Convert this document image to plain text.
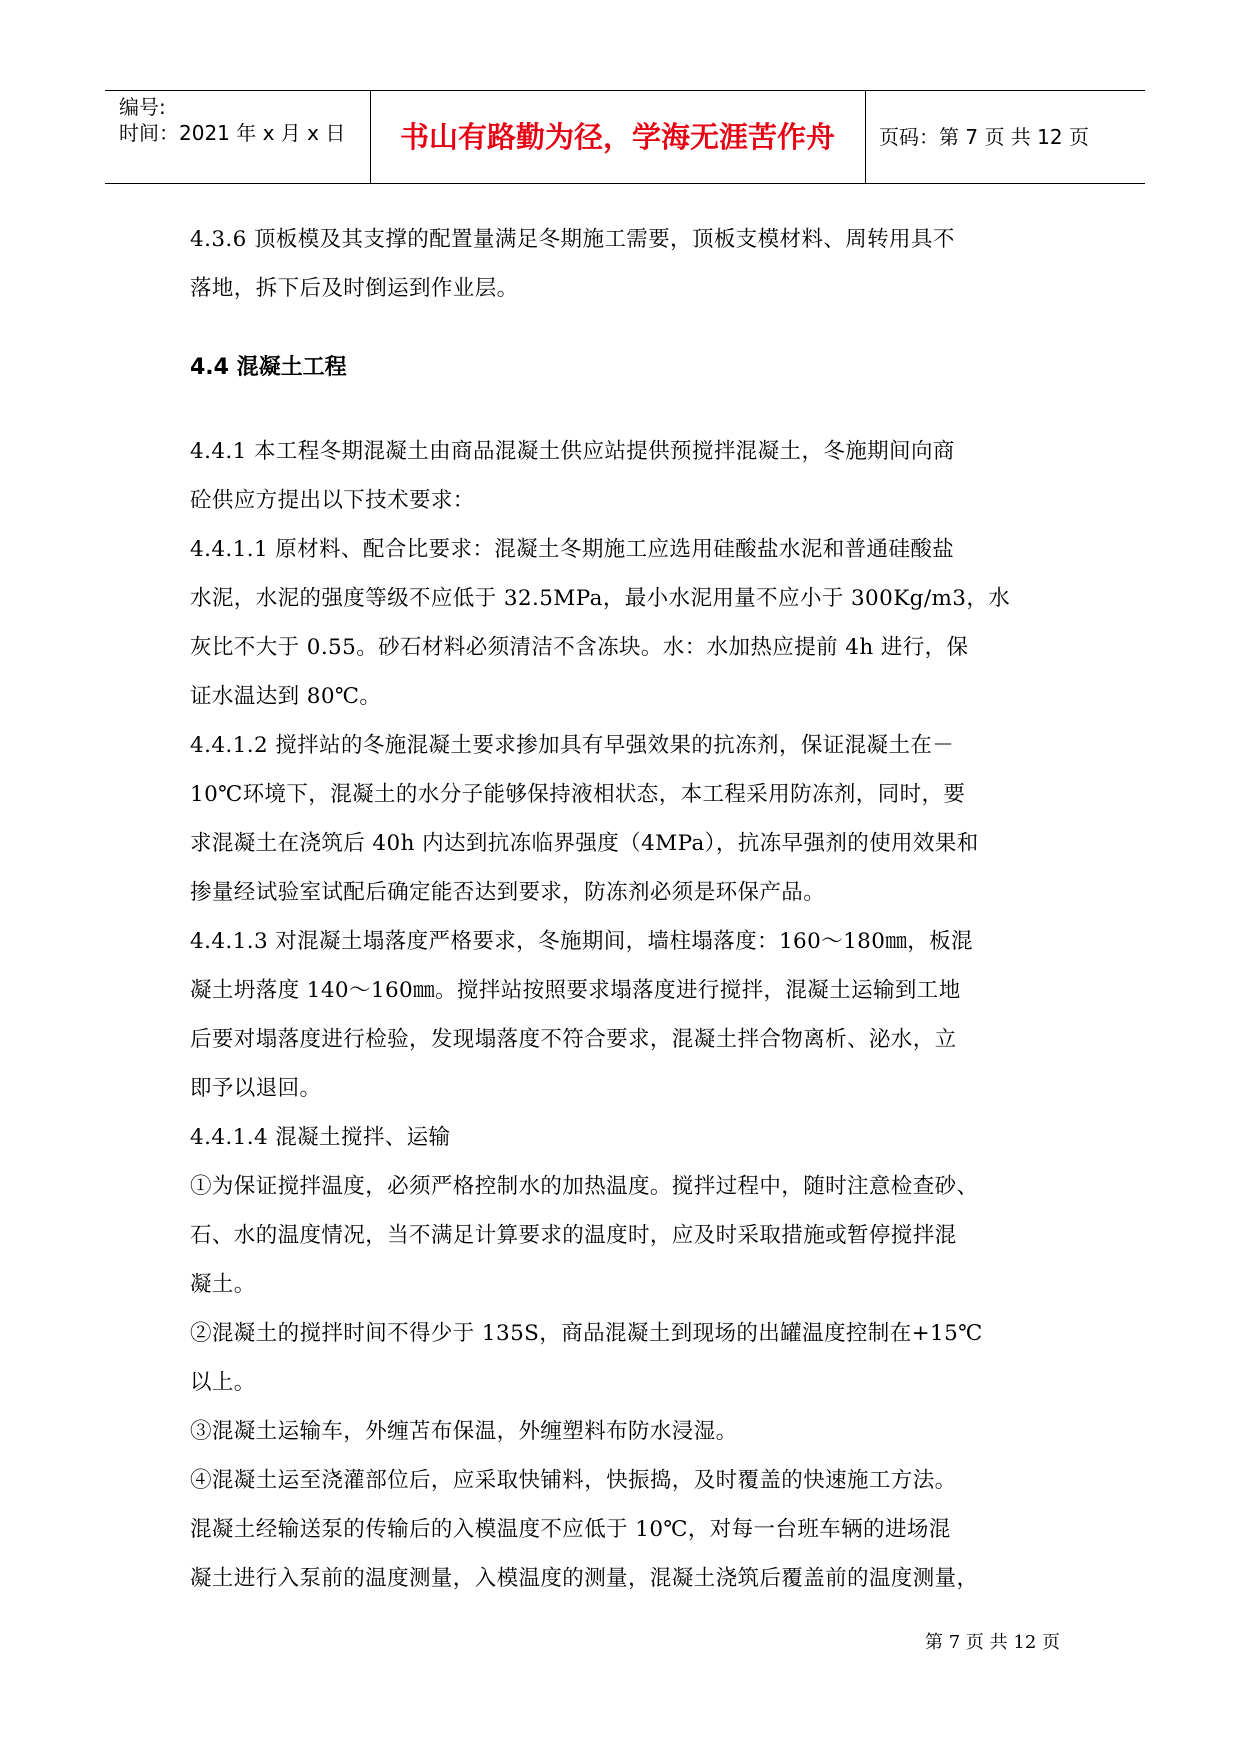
编号:
时间：2021 年 x 月 x 日	书山有路勤为径，学海无涯苦作舟	页码：第 7 页 共 12 页
4.3.6 顶板模及其支撑的配置量满足冬期施工需要，顶板支模材料、周转用具不
落地，拆下后及时倒运到作业层。
4.4 混凝土工程
4.4.1 本工程冬期混凝土由商品混凝土供应站提供预搅拌混凝土，冬施期间向商
砼供应方提出以下技术要求：
4.4.1.1 原材料、配合比要求：混凝土冬期施工应选用硅酸盐水泥和普通硅酸盐
水泥，水泥的强度等级不应低于 32.5MPa，最小水泥用量不应小于 300Kg/m3，水
灰比不大于 0.55。砂石材料必须清洁不含冻块。水：水加热应提前 4h 进行，保
证水温达到 80℃。
4.4.1.2 搅拌站的冬施混凝土要求掺加具有早强效果的抗冻剂，保证混凝土在－
10℃环境下，混凝土的水分子能够保持液相状态，本工程采用防冻剂，同时，要
求混凝土在浇筑后 40h 内达到抗冻临界强度（4MPa），抗冻早强剂的使用效果和
掺量经试验室试配后确定能否达到要求，防冻剂必须是环保产品。
4.4.1.3 对混凝土塌落度严格要求，冬施期间，墙柱塌落度：160～180㎜，板混
凝土坍落度 140～160㎜。搅拌站按照要求塌落度进行搅拌，混凝土运输到工地
后要对塌落度进行检验，发现塌落度不符合要求，混凝土拌合物离析、泌水，立
即予以退回。
4.4.1.4 混凝土搅拌、运输
①为保证搅拌温度，必须严格控制水的加热温度。搅拌过程中，随时注意检查砂、
石、水的温度情况，当不满足计算要求的温度时，应及时采取措施或暂停搅拌混
凝土。
②混凝土的搅拌时间不得少于 135S，商品混凝土到现场的出罐温度控制在+15℃
以上。
③混凝土运输车，外缠苫布保温，外缠塑料布防水浸湿。
④混凝土运至浇灌部位后，应采取快铺料，快振捣，及时覆盖的快速施工方法。
混凝土经输送泵的传输后的入模温度不应低于 10℃，对每一台班车辆的进场混
凝土进行入泵前的温度测量，入模温度的测量，混凝土浇筑后覆盖前的温度测量，
第 7 页 共 12 页
